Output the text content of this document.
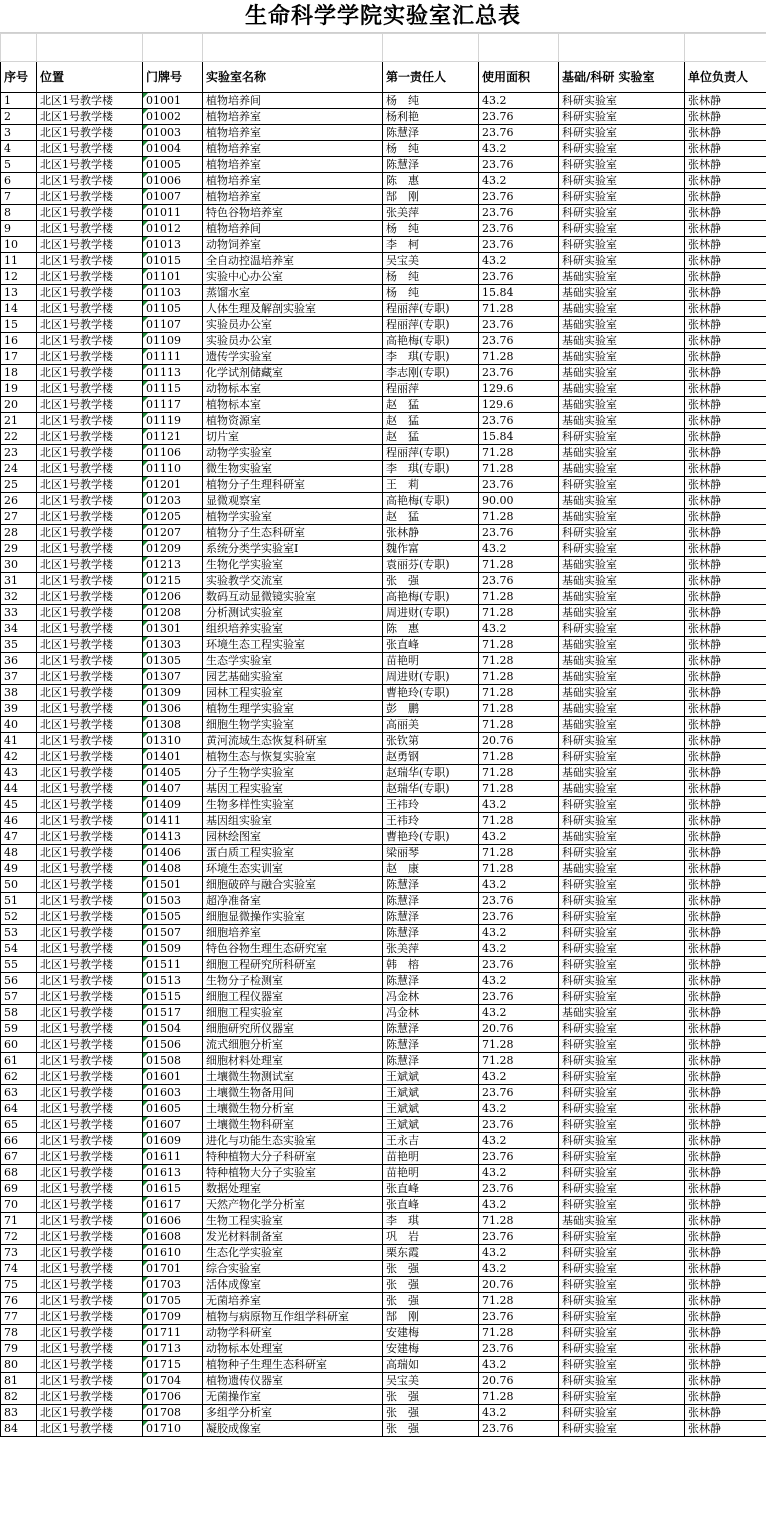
生命科学学院实验室汇总表

序号	位置	门牌号	实验室名称	第一责任人	使用面积	基础/科研 实验室	单位负责人
1	北区1号教学楼	01001	植物培养间	杨　纯	43.2	科研实验室	张林静
2	北区1号教学楼	01002	植物培养室	杨利艳	23.76	科研实验室	张林静
3	北区1号教学楼	01003	植物培养室	陈慧泽	23.76	科研实验室	张林静
4	北区1号教学楼	01004	植物培养室	杨　纯	43.2	科研实验室	张林静
5	北区1号教学楼	01005	植物培养室	陈慧泽	23.76	科研实验室	张林静
6	北区1号教学楼	01006	植物培养室	陈　惠	43.2	科研实验室	张林静
7	北区1号教学楼	01007	植物培养室	郜　刚	23.76	科研实验室	张林静
8	北区1号教学楼	01011	特色谷物培养室	张美萍	23.76	科研实验室	张林静
9	北区1号教学楼	01012	植物培养间	杨　纯	23.76	科研实验室	张林静
10	北区1号教学楼	01013	动物饲养室	李　柯	23.76	科研实验室	张林静
11	北区1号教学楼	01015	全自动控温培养室	吴宝美	43.2	科研实验室	张林静
12	北区1号教学楼	01101	实验中心办公室	杨　纯	23.76	基础实验室	张林静
13	北区1号教学楼	01103	蒸馏水室	杨　纯	15.84	基础实验室	张林静
14	北区1号教学楼	01105	人体生理及解剖实验室	程丽萍(专职)	71.28	基础实验室	张林静
15	北区1号教学楼	01107	实验员办公室	程丽萍(专职)	23.76	基础实验室	张林静
16	北区1号教学楼	01109	实验员办公室	高艳梅(专职)	23.76	基础实验室	张林静
17	北区1号教学楼	01111	遗传学实验室	李　琪(专职)	71.28	基础实验室	张林静
18	北区1号教学楼	01113	化学试剂储藏室	李志刚(专职)	23.76	基础实验室	张林静
19	北区1号教学楼	01115	动物标本室	程丽萍	129.6	基础实验室	张林静
20	北区1号教学楼	01117	植物标本室	赵　猛	129.6	基础实验室	张林静
21	北区1号教学楼	01119	植物资源室	赵　猛	23.76	基础实验室	张林静
22	北区1号教学楼	01121	切片室	赵　猛	15.84	科研实验室	张林静
23	北区1号教学楼	01106	动物学实验室	程丽萍(专职)	71.28	基础实验室	张林静
24	北区1号教学楼	01110	微生物实验室	李　琪(专职)	71.28	基础实验室	张林静
25	北区1号教学楼	01201	植物分子生理科研室	王　莉	23.76	科研实验室	张林静
26	北区1号教学楼	01203	显微观察室	高艳梅(专职)	90.00	基础实验室	张林静
27	北区1号教学楼	01205	植物学实验室	赵　猛	71.28	基础实验室	张林静
28	北区1号教学楼	01207	植物分子生态科研室	张林静	23.76	科研实验室	张林静
29	北区1号教学楼	01209	系统分类学实验室Ⅰ	魏作富	43.2	科研实验室	张林静
30	北区1号教学楼	01213	生物化学实验室	袁丽芬(专职)	71.28	基础实验室	张林静
31	北区1号教学楼	01215	实验教学交流室	张　强	23.76	基础实验室	张林静
32	北区1号教学楼	01206	数码互动显微镜实验室	高艳梅(专职)	71.28	基础实验室	张林静
33	北区1号教学楼	01208	分析测试实验室	周进财(专职)	71.28	基础实验室	张林静
34	北区1号教学楼	01301	组织培养实验室	陈　惠	43.2	科研实验室	张林静
35	北区1号教学楼	01303	环境生态工程实验室	张直峰	71.28	基础实验室	张林静
36	北区1号教学楼	01305	生态学实验室	苗艳明	71.28	基础实验室	张林静
37	北区1号教学楼	01307	园艺基础实验室	周进财(专职)	71.28	基础实验室	张林静
38	北区1号教学楼	01309	园林工程实验室	曹艳玲(专职)	71.28	基础实验室	张林静
39	北区1号教学楼	01306	植物生理学实验室	彭　鹏	71.28	基础实验室	张林静
40	北区1号教学楼	01308	细胞生物学实验室	高丽美	71.28	基础实验室	张林静
41	北区1号教学楼	01310	黄河流域生态恢复科研室	张钦第	20.76	科研实验室	张林静
42	北区1号教学楼	01401	植物生态与恢复实验室	赵勇钢	71.28	科研实验室	张林静
43	北区1号教学楼	01405	分子生物学实验室	赵瑞华(专职)	71.28	基础实验室	张林静
44	北区1号教学楼	01407	基因工程实验室	赵瑞华(专职)	71.28	基础实验室	张林静
45	北区1号教学楼	01409	生物多样性实验室	王祎玲	43.2	科研实验室	张林静
46	北区1号教学楼	01411	基因组实验室	王祎玲	71.28	科研实验室	张林静
47	北区1号教学楼	01413	园林绘图室	曹艳玲(专职)	43.2	基础实验室	张林静
48	北区1号教学楼	01406	蛋白质工程实验室	梁丽琴	71.28	科研实验室	张林静
49	北区1号教学楼	01408	环境生态实训室	赵　康	71.28	基础实验室	张林静
50	北区1号教学楼	01501	细胞破碎与融合实验室	陈慧泽	43.2	科研实验室	张林静
51	北区1号教学楼	01503	超净准备室	陈慧泽	23.76	科研实验室	张林静
52	北区1号教学楼	01505	细胞显微操作实验室	陈慧泽	23.76	科研实验室	张林静
53	北区1号教学楼	01507	细胞培养室	陈慧泽	43.2	科研实验室	张林静
54	北区1号教学楼	01509	特色谷物生理生态研究室	张美萍	43.2	科研实验室	张林静
55	北区1号教学楼	01511	细胞工程研究所科研室	韩　榕	23.76	科研实验室	张林静
56	北区1号教学楼	01513	生物分子检测室	陈慧泽	43.2	科研实验室	张林静
57	北区1号教学楼	01515	细胞工程仪器室	冯金林	23.76	科研实验室	张林静
58	北区1号教学楼	01517	细胞工程实验室	冯金林	43.2	基础实验室	张林静
59	北区1号教学楼	01504	细胞研究所仪器室	陈慧泽	20.76	科研实验室	张林静
60	北区1号教学楼	01506	流式细胞分析室	陈慧泽	71.28	科研实验室	张林静
61	北区1号教学楼	01508	细胞材料处理室	陈慧泽	71.28	科研实验室	张林静
62	北区1号教学楼	01601	土壤微生物测试室	王斌斌	43.2	科研实验室	张林静
63	北区1号教学楼	01603	土壤微生物备用间	王斌斌	23.76	科研实验室	张林静
64	北区1号教学楼	01605	土壤微生物分析室	王斌斌	43.2	科研实验室	张林静
65	北区1号教学楼	01607	土壤微生物科研室	王斌斌	23.76	科研实验室	张林静
66	北区1号教学楼	01609	进化与功能生态实验室	王永吉	43.2	科研实验室	张林静
67	北区1号教学楼	01611	特种植物大分子科研室	苗艳明	23.76	科研实验室	张林静
68	北区1号教学楼	01613	特种植物大分子实验室	苗艳明	43.2	科研实验室	张林静
69	北区1号教学楼	01615	数据处理室	张直峰	23.76	科研实验室	张林静
70	北区1号教学楼	01617	天然产物化学分析室	张直峰	43.2	科研实验室	张林静
71	北区1号教学楼	01606	生物工程实验室	李　琪	71.28	基础实验室	张林静
72	北区1号教学楼	01608	发光材料制备室	巩　岩	23.76	科研实验室	张林静
73	北区1号教学楼	01610	生态化学实验室	栗东霞	43.2	科研实验室	张林静
74	北区1号教学楼	01701	综合实验室	张　强	43.2	科研实验室	张林静
75	北区1号教学楼	01703	活体成像室	张　强	20.76	科研实验室	张林静
76	北区1号教学楼	01705	无菌培养室	张　强	71.28	科研实验室	张林静
77	北区1号教学楼	01709	植物与病原物互作组学科研室	郜　刚	23.76	科研实验室	张林静
78	北区1号教学楼	01711	动物学科研室	安建梅	71.28	科研实验室	张林静
79	北区1号教学楼	01713	动物标本处理室	安建梅	23.76	科研实验室	张林静
80	北区1号教学楼	01715	植物种子生理生态科研室	高瑞如	43.2	科研实验室	张林静
81	北区1号教学楼	01704	植物遗传仪器室	吴宝美	20.76	科研实验室	张林静
82	北区1号教学楼	01706	无菌操作室	张　强	71.28	科研实验室	张林静
83	北区1号教学楼	01708	多组学分析室	张　强	43.2	科研实验室	张林静
84	北区1号教学楼	01710	凝胶成像室	张　强	23.76	科研实验室	张林静
